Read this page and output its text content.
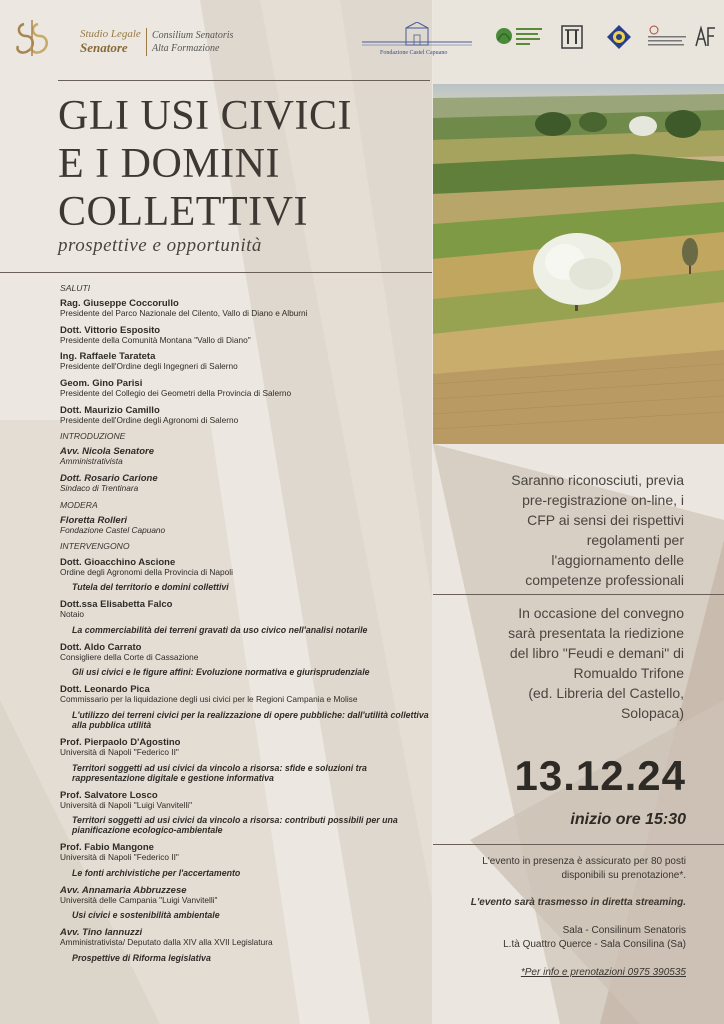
Studio Legale
Senatore
Consilium Senatoris
Alta Formazione	Fondazione Castel Capuano
GLI USI CIVICI
E I DOMINI
COLLETTIVI
prospettive e opportunità
SALUTI
Rag. Giuseppe Coccorullo
Presidente del Parco Nazionale del Cilento, Vallo di Diano e Alburni
Dott. Vittorio Esposito
Presidente della Comunità Montana "Vallo di Diano"
Ing. Raffaele Tarateta
Presidente dell'Ordine degli Ingegneri di Salerno
Geom. Gino Parisi
Presidente del Collegio dei Geometri della Provincia di Salerno
Dott. Maurizio Camillo
Presidente dell'Ordine degli Agronomi di Salerno
INTRODUZIONE
Avv. Nicola Senatore
Amministrativista
Dott. Rosario Carione
Sindaco di Trentinara
MODERA
Floretta Rolleri
Fondazione Castel Capuano
INTERVENGONO
Dott. Gioacchino Ascione
Ordine degli Agronomi della Provincia di Napoli
Tutela del territorio e domini collettivi
Dott.ssa Elisabetta Falco
Notaio
La commerciabilità dei terreni gravati da uso civico nell'analisi notarile
Dott. Aldo Carrato
Consigliere della Corte di Cassazione
Gli usi civici e le figure affini: Evoluzione normativa e giurisprudenziale
Dott. Leonardo Pica
Commissario per la liquidazione degli usi civici per le Regioni Campania e Molise
L'utilizzo dei terreni civici per la realizzazione di opere pubbliche: dall'utilità collettiva alla pubblica utilità
Prof. Pierpaolo D'Agostino
Università di Napoli "Federico II"
Territori soggetti ad usi civici da vincolo a risorsa: sfide e soluzioni tra rappresentazione digitale e gestione informativa
Prof. Salvatore Losco
Università di Napoli "Luigi Vanvitelli"
Territori soggetti ad usi civici da vincolo a risorsa: contributi possibili per una pianificazione ecologico-ambientale
Prof. Fabio Mangone
Università di Napoli "Federico II"
Le fonti archivistiche per l'accertamento
Avv. Annamaria Abbruzzese
Università delle Campania "Luigi Vanvitelli"
Usi civici e sostenibilità ambientale
Avv. Tino Iannuzzi
Amministrativista/ Deputato dalla XIV alla XVII Legislatura
Prospettive di Riforma legislativa
Saranno riconosciuti, previa
pre-registrazione on-line, i
CFP ai sensi dei rispettivi
regolamenti per
l'aggiornamento delle
competenze professionali
In occasione del convegno
sarà presentata la riedizione
del libro "Feudi e demani" di
Romualdo Trifone
(ed. Libreria del Castello,
Solopaca)
13.12.24
inizio ore 15:30
L'evento in presenza è assicurato per 80 posti
disponibili su prenotazione*.
L'evento sarà trasmesso in diretta streaming.
Sala - Consilinum Senatoris
L.tà Quattro Querce - Sala Consilina (Sa)
*Per info e prenotazioni 0975 390535
